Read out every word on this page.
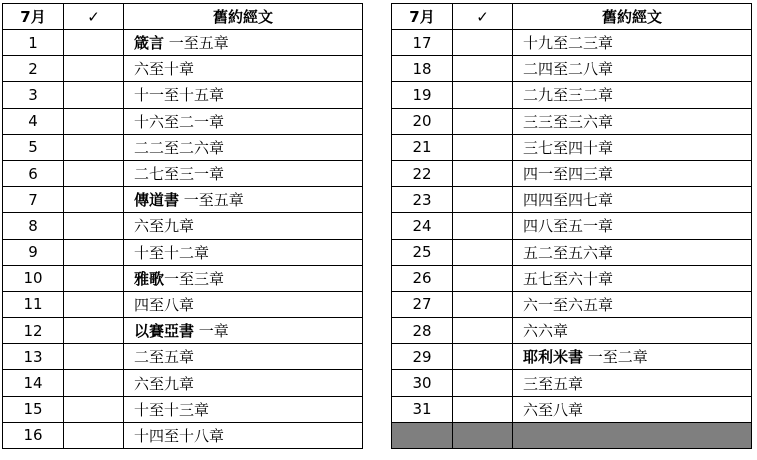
7月	✓	舊約經文
1		箴言 一至五章
2		六至十章
3		十一至十五章
4		十六至二一章
5		二二至二六章
6		二七至三一章
7		傳道書 一至五章
8		六至九章
9		十至十二章
10		雅歌一至三章
11		四至八章
12		以賽亞書 一章
13		二至五章
14		六至九章
15		十至十三章
16		十四至十八章
7月	✓	舊約經文
17		十九至二三章
18		二四至二八章
19		二九至三二章
20		三三至三六章
21		三七至四十章
22		四一至四三章
23		四四至四七章
24		四八至五一章
25		五二至五六章
26		五七至六十章
27		六一至六五章
28		六六章
29		耶利米書 一至二章
30		三至五章
31		六至八章
